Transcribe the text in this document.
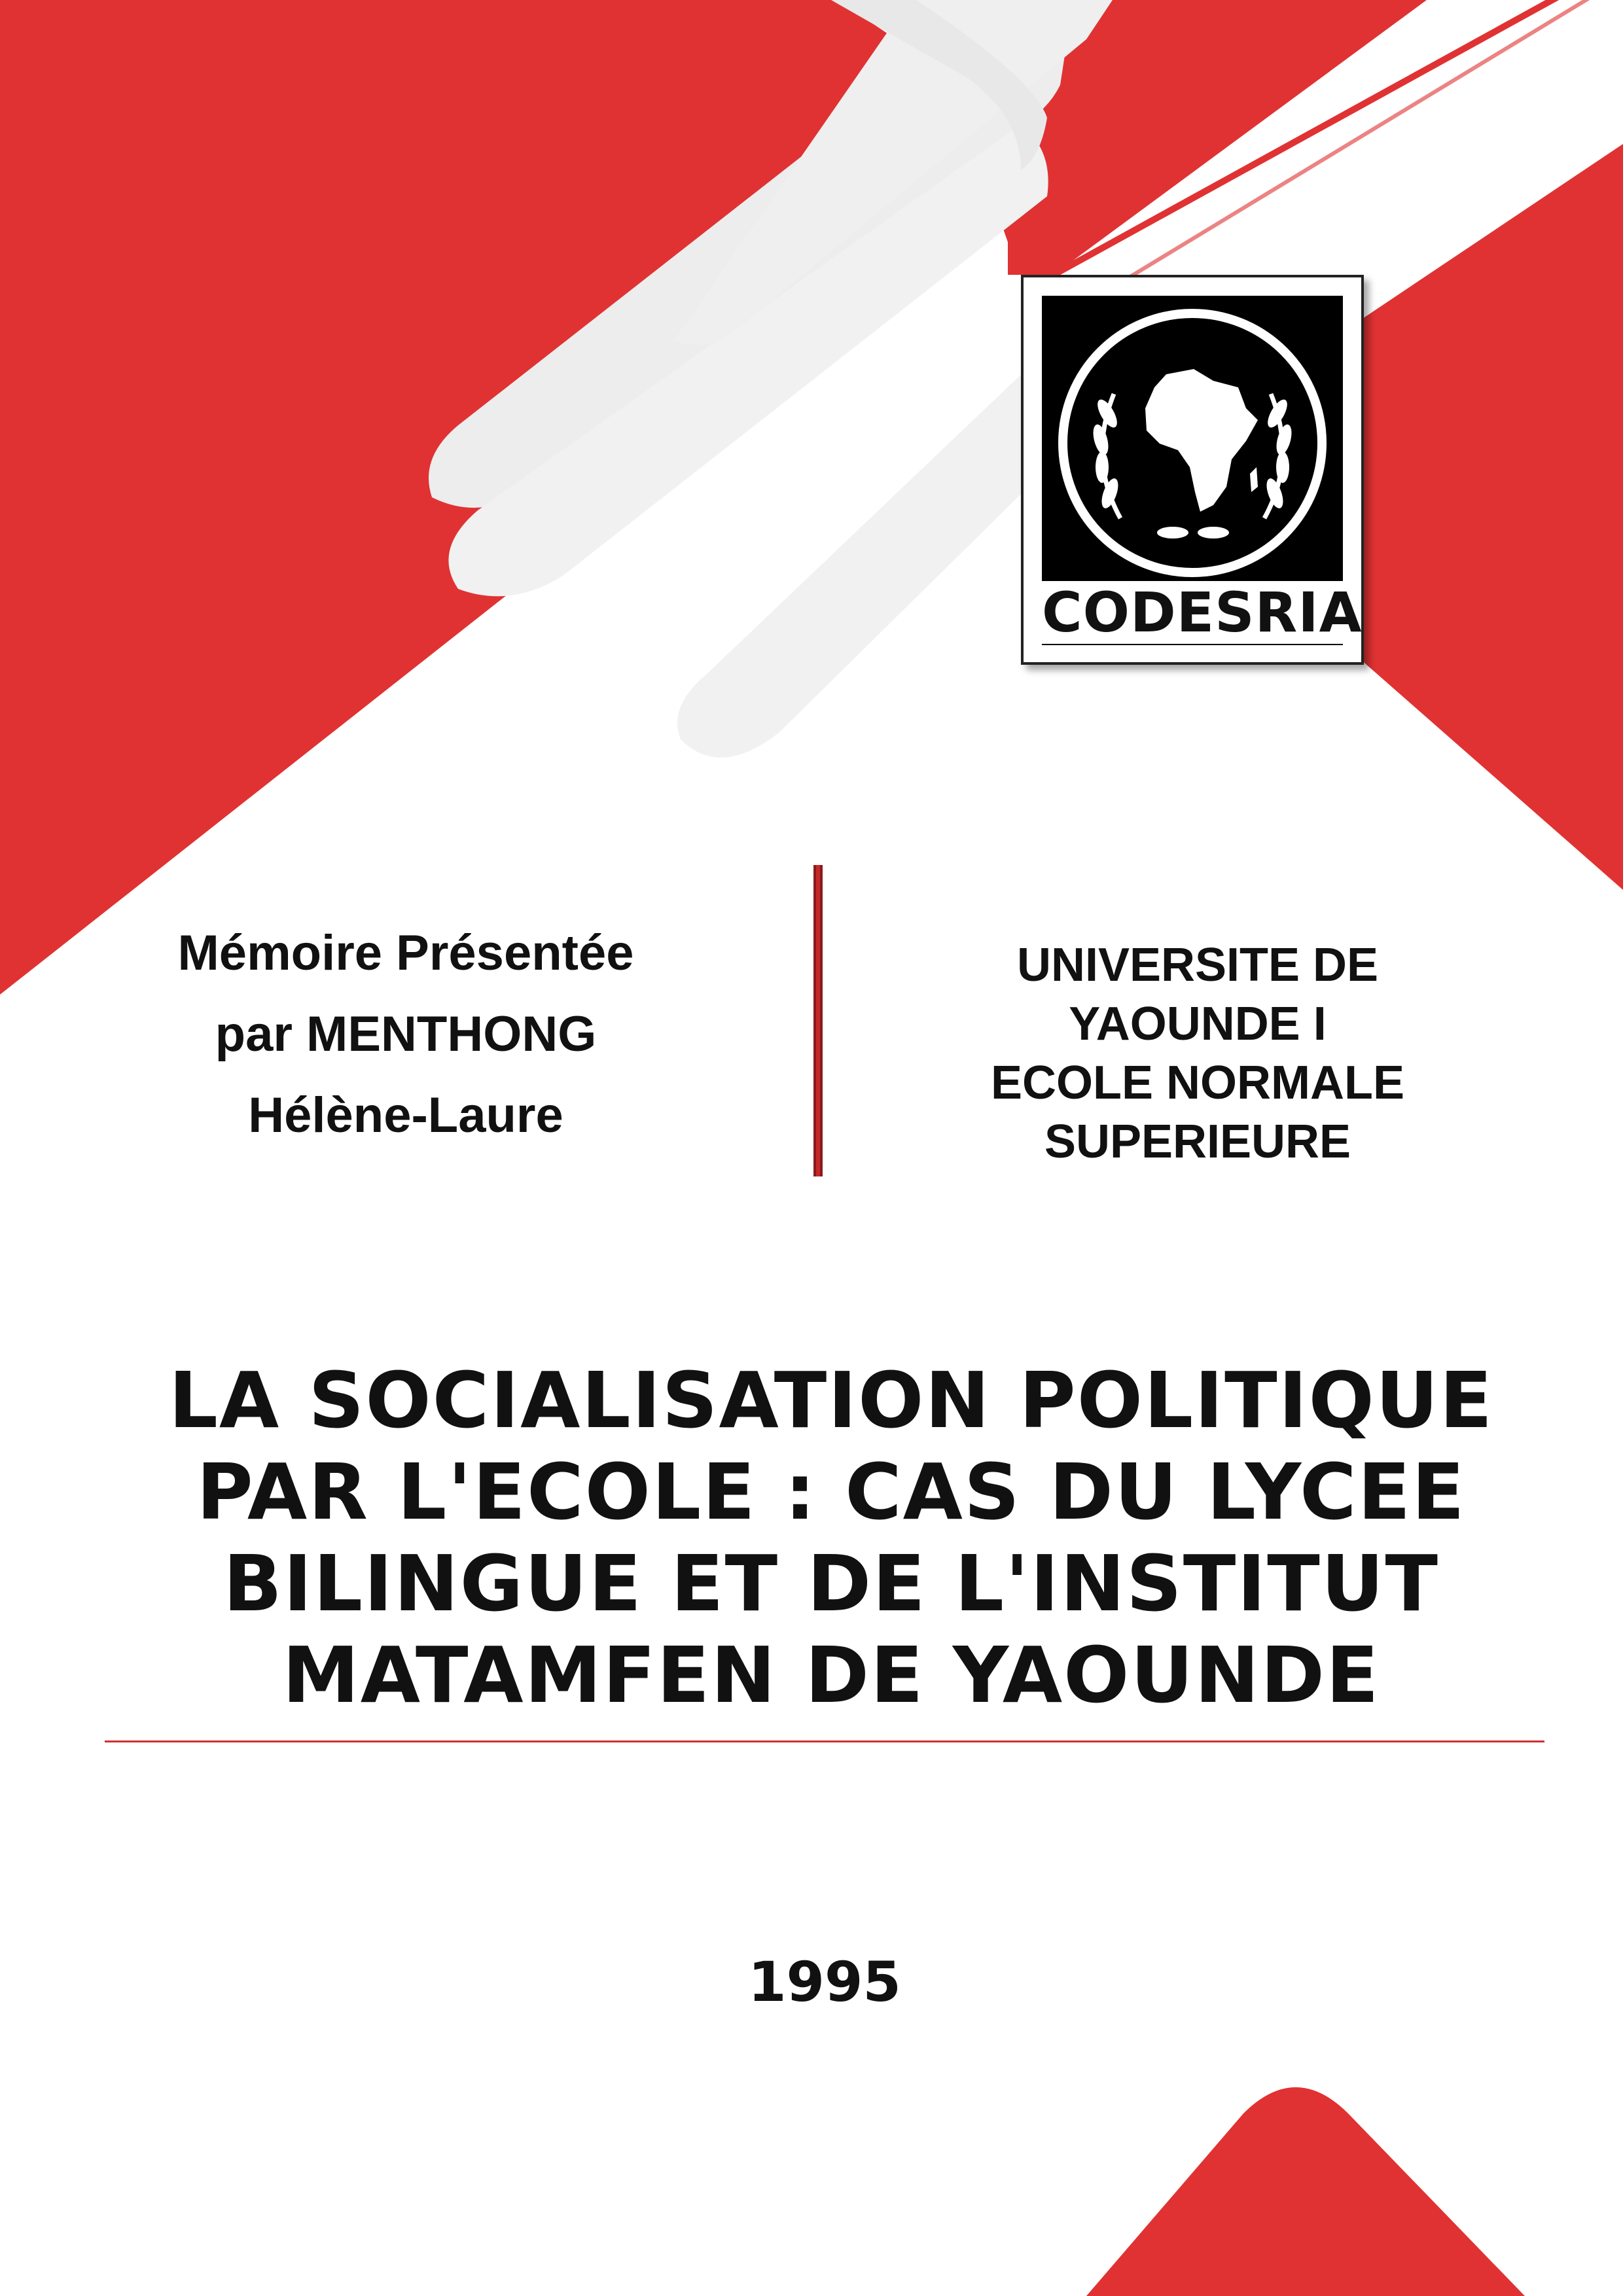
CODESRIA
Mémoire Présentée
par MENTHONG
Hélène-Laure
UNIVERSITE DE
YAOUNDE I
ECOLE NORMALE
SUPERIEURE
LA SOCIALISATION POLITIQUE
PAR L'ECOLE : CAS DU LYCEE
BILINGUE ET DE L'INSTITUT
MATAMFEN DE YAOUNDE
1995
